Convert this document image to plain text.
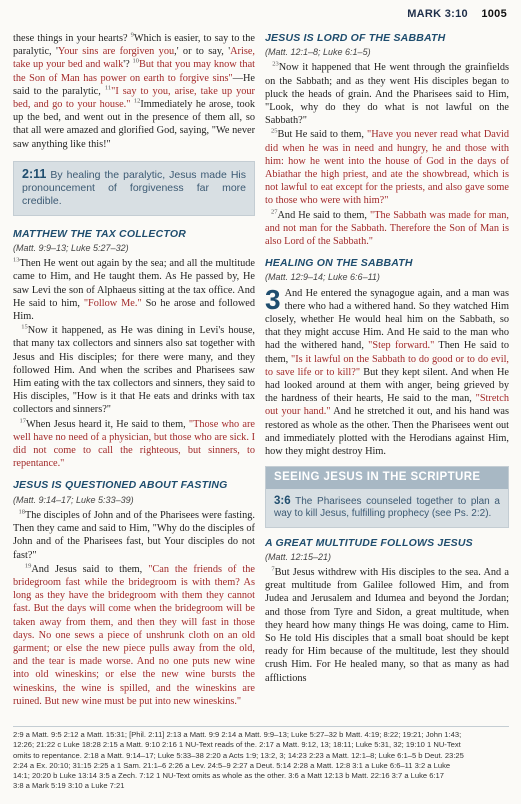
MARK 3:10 1005

these things in your hearts? $^9$Which is easier, to say to the paralytic, 'Your sins are forgiven you,' or to say, 'Arise, take up your bed and walk'? $^{10}$But that you may know that the Son of Man has power on earth to forgive sins"—He said to the paralytic, $^{11}$"I say to you, arise, take up your bed, and go to your house." $^{12}$Immediately he arose, took up the bed, and went out in the presence of them all, so that all were amazed and glorified God, saying, "We never saw anything like this!"

2:11 By healing the paralytic, Jesus made His pronouncement of forgiveness far more credible.
MATTHEW THE TAX COLLECTOR
(Matt. 9:9–13; Luke 5:27–32)

$^{13}$Then He went out again by the sea; and all the multitude came to Him, and He taught them. As He passed by, He saw Levi the son of Alphaeus sitting at the tax office. And He said to him, "Follow Me." So he arose and followed Him.

$^{15}$Now it happened, as He was dining in Levi's house, that many tax collectors and sinners also sat together with Jesus and His disciples; for there were many, and they followed Him. And when the scribes and Pharisees saw Him eating with the tax collectors and sinners, they said to His disciples, "How is it that He eats and drinks with tax collectors and sinners?"

$^{17}$When Jesus heard it, He said to them, "Those who are well have no need of a physician, but those who are sick. I did not come to call the righteous, but sinners, to repentance."

JESUS IS QUESTIONED ABOUT FASTING
(Matt. 9:14–17; Luke 5:33–39)

$^{18}$The disciples of John and of the Pharisees were fasting. Then they came and said to Him, "Why do the disciples of John and of the Pharisees fast, but Your disciples do not fast?"

$^{19}$And Jesus said to them, "Can the friends of the bridegroom fast while the bridegroom is with them? As long as they have the bridegroom with them they cannot fast. But the days will come when the bridegroom will be taken away from them, and then they will fast in those days. No one sews a piece of unshrunk cloth on an old garment; or else the new piece pulls away from the old, and the tear is made worse. And no one puts new wine into old wineskins; or else the new wine bursts the wineskins, the wine is spilled, and the wineskins are ruined. But new wine must be put into new wineskins."

JESUS IS LORD OF THE SABBATH
(Matt. 12:1–8; Luke 6:1–5)

$^{23}$Now it happened that He went through the grainfields on the Sabbath; and as they went His disciples began to pluck the heads of grain. And the Pharisees said to Him, "Look, why do they do what is not lawful on the Sabbath?"

$^{25}$But He said to them, "Have you never read what David did when he was in need and hungry, he and those with him: how he went into the house of God in the days of Abiathar the high priest, and ate the showbread, which is not lawful to eat except for the priests, and also gave some to those who were with him?"

$^{27}$And He said to them, "The Sabbath was made for man, and not man for the Sabbath. Therefore the Son of Man is also Lord of the Sabbath."

HEALING ON THE SABBATH
(Matt. 12:9–14; Luke 6:6–11)

3 And He entered the synagogue again, and a man was there who had a withered hand. So they watched Him closely, whether He would heal him on the Sabbath, so that they might accuse Him. And He said to the man who had the withered hand, "Step forward." Then He said to them, "Is it lawful on the Sabbath to do good or to do evil, to save life or to kill?" But they kept silent. And when He had looked around at them with anger, being grieved by the hardness of their hearts, He said to the man, "Stretch out your hand." And he stretched it out, and his hand was restored as whole as the other. Then the Pharisees went out and immediately plotted with the Herodians against Him, how they might destroy Him.

SEEING JESUS IN THE SCRIPTURE
3:6 The Pharisees counseled together to plan a way to kill Jesus, fulfilling prophecy (see Ps. 2:2).
A GREAT MULTITUDE FOLLOWS JESUS
(Matt. 12:15–21)

$^7$But Jesus withdrew with His disciples to the sea. And a great multitude from Galilee followed Him, and from Judea and Jerusalem and Idumea and beyond the Jordan; and those from Tyre and Sidon, a great multitude, when they heard how many things He was doing, came to Him. So He told His disciples that a small boat should be kept ready for Him because of the multitude, lest they should crush Him. For He healed many, so that as many as had afflictions

2:9 a Matt. 9:5 2:12 a Matt. 15:31; [Phil. 2:11] 2:13 a Matt. 9:9 2:14 a Matt. 9:9–13; Luke 5:27–32 b Matt. 4:19; 8:22; 19:21; John 1:43;
12:26; 21:22 c Luke 18:28 2:15 a Matt. 9:10 2:16 1 NU-Text reads of the. 2:17 a Matt. 9:12, 13; 18:11; Luke 5:31, 32; 19:10 1 NU-Text
omits to repentance. 2:18 a Matt. 9:14–17; Luke 5:33–38 2:20 a Acts 1:9; 13:2, 3; 14:23 2:23 a Matt. 12:1–8; Luke 6:1–5 b Deut. 23:25
2:24 a Ex. 20:10; 31:15 2:25 a 1 Sam. 21:1–6 2:26 a Lev. 24:5–9 2:27 a Deut. 5:14 2:28 a Matt. 12:8 3:1 a Luke 6:6–11 3:2 a Luke
14:1; 20:20 b Luke 13:14 3:5 a Zech. 7:12 1 NU-Text omits as whole as the other. 3:6 a Matt 12:13 b Matt. 22:16 3:7 a Luke 6:17
3:8 a Mark 5:19 3:10 a Luke 7:21
